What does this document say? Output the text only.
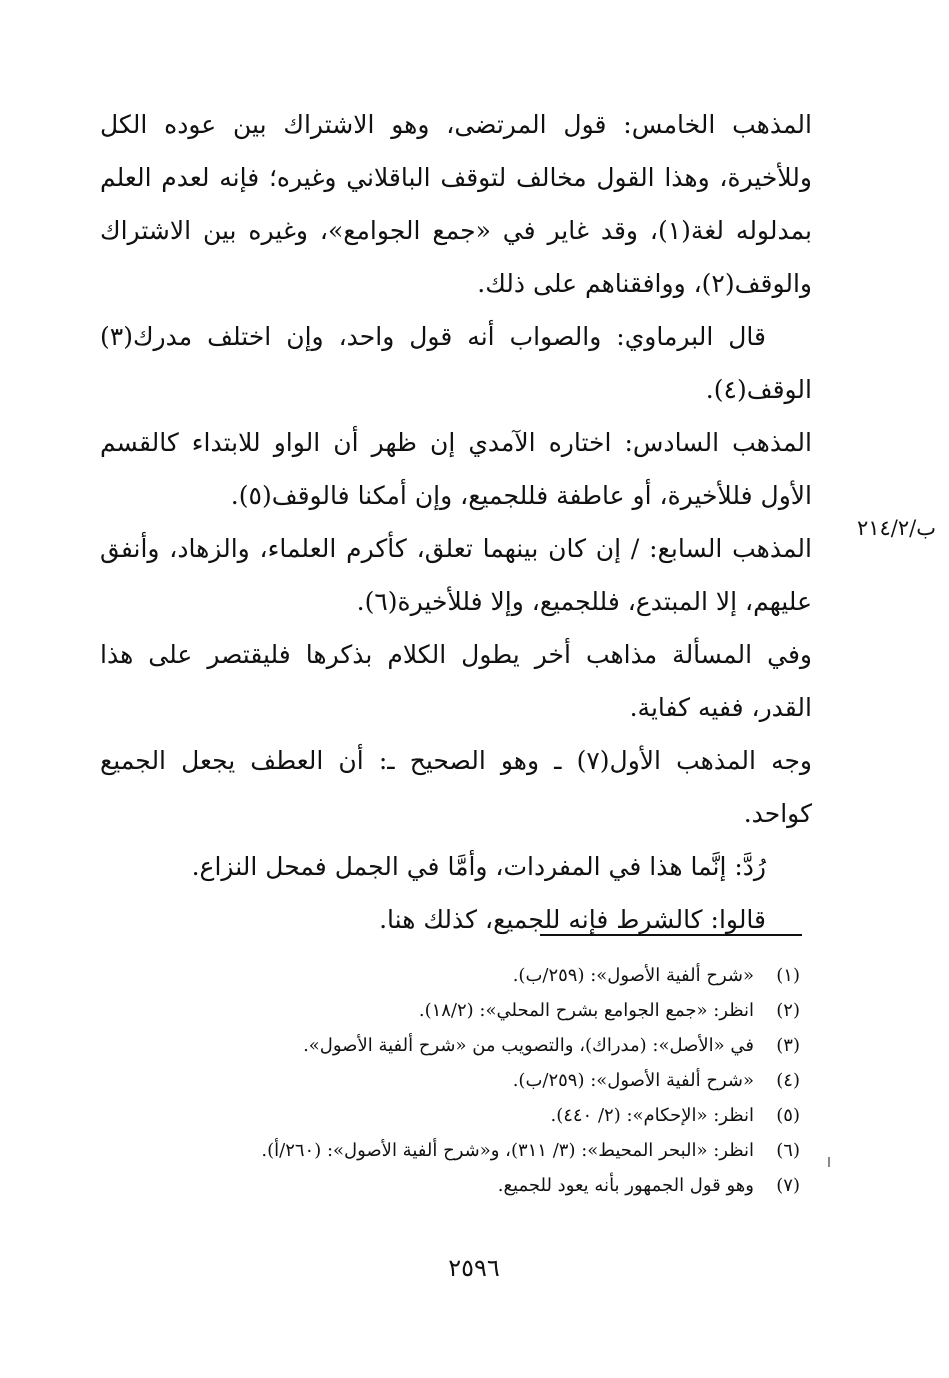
المذهب الخامس: قول المرتضى، وهو الاشتراك بين عوده الكل وللأخيرة، وهذا القول مخالف لتوقف الباقلاني وغيره؛ فإنه لعدم العلم بمدلوله لغة(١)، وقد غاير في «جمع الجوامع»، وغيره بين الاشتراك والوقف(٢)، ووافقناهم على ذلك.

قال البرماوي: والصواب أنه قول واحد، وإن اختلف مدرك(٣) الوقف(٤).

المذهب السادس: اختاره الآمدي إن ظهر أن الواو للابتداء كالقسم الأول فللأخيرة، أو عاطفة فللجميع، وإن أمكنا فالوقف(٥).

المذهب السابع: / إن كان بينهما تعلق، كأكرم العلماء، والزهاد، وأنفق عليهم، إلا المبتدع، فللجميع، وإلا فللأخيرة(٦).

وفي المسألة مذاهب أخر يطول الكلام بذكرها فليقتصر على هذا القدر، ففيه كفاية.

وجه المذهب الأول(٧) ـ وهو الصحيح ـ: أن العطف يجعل الجميع كواحد.

رُدَّ: إنَّما هذا في المفردات، وأمَّا في الجمل فمحل النزاع.

قالوا: كالشرط فإنه للجميع، كذلك هنا.

ب/٢١٤/٢
(١)
«شرح ألفية الأصول»: (٢٥٩/ب).
(٢)
انظر: «جمع الجوامع بشرح المحلي»: (١٨/٢).
(٣)
في «الأصل»: (مدراك)، والتصويب من «شرح ألفية الأصول».
(٤)
«شرح ألفية الأصول»: (٢٥٩/ب).
(٥)
انظر: «الإحكام»: (٢/ ٤٤٠).
(٦)
انظر: «البحر المحيط»: (٣/ ٣١١)، و«شرح ألفية الأصول»: (٢٦٠/أ).
(٧)
وهو قول الجمهور بأنه يعود للجميع.
٢٥٩٦
